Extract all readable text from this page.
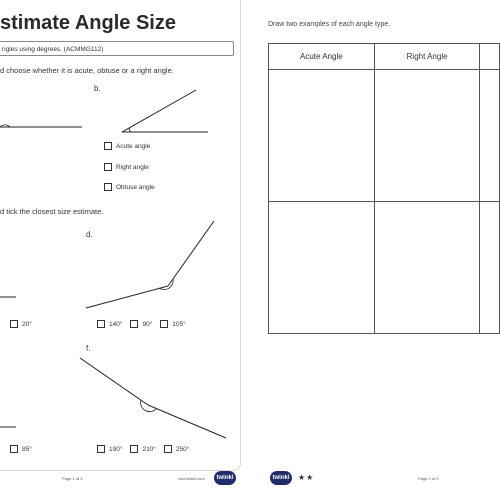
stimate Angle Size
ngles using degrees. (ACMMG112)
d choose whether it is acute, obtuse or a right angle.
b.
Acute angle
Right angle
Obtuse angle
d tick the closest size estimate.
d.
20°	140°	90°	105°
f.
85°	190°	210°	250°
Page 1 of 3	visit twinkl.com	twinkl
Draw two examples of each angle type.
Acute Angle	Right Angle	

twinkl	★★	Page 2 of 3
